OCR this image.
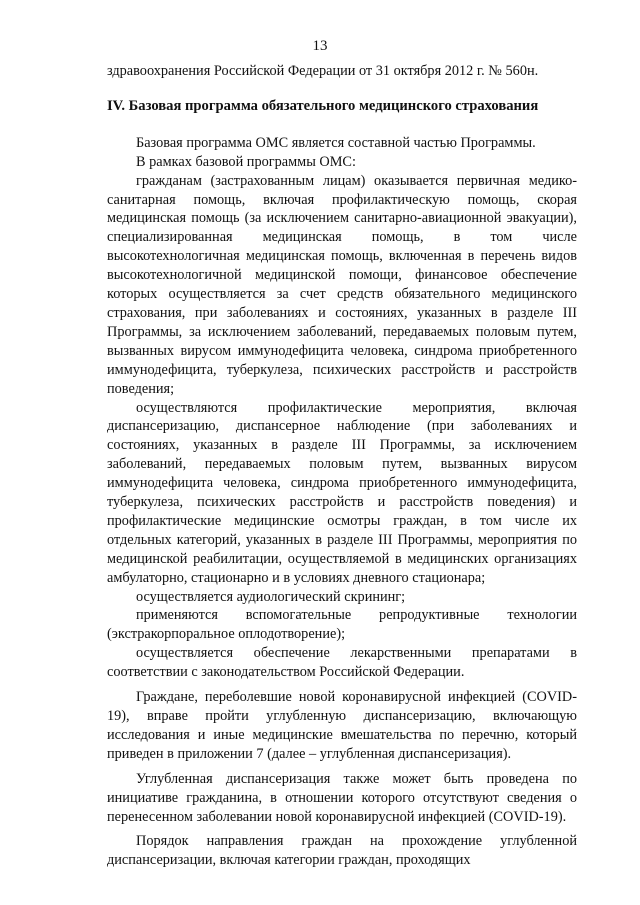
13
здравоохранения Российской Федерации от 31 октября 2012 г. № 560н.
IV. Базовая программа обязательного медицинского страхования

Базовая программа ОМС является составной частью Программы.

В рамках базовой программы ОМС:

гражданам (застрахованным лицам) оказывается первичная медико-санитарная помощь, включая профилактическую помощь, скорая медицинская помощь (за исключением санитарно-авиационной эвакуации), специализированная медицинская помощь, в том числе высокотехнологичная медицинская помощь, включенная в перечень видов высокотехнологичной медицинской помощи, финансовое обеспечение которых осуществляется за счет средств обязательного медицинского страхования, при заболеваниях и состояниях, указанных в разделе III Программы, за исключением заболеваний, передаваемых половым путем, вызванных вирусом иммунодефицита человека, синдрома приобретенного иммунодефицита, туберкулеза, психических расстройств и расстройств поведения;

осуществляются профилактические мероприятия, включая диспансеризацию, диспансерное наблюдение (при заболеваниях и состояниях, указанных в разделе III Программы, за исключением заболеваний, передаваемых половым путем, вызванных вирусом иммунодефицита человека, синдрома приобретенного иммунодефицита, туберкулеза, психических расстройств и расстройств поведения) и профилактические медицинские осмотры граждан, в том числе их отдельных категорий, указанных в разделе III Программы, мероприятия по медицинской реабилитации, осуществляемой в медицинских организациях амбулаторно, стационарно и в условиях дневного стационара;

осуществляется аудиологический скрининг;

применяются вспомогательные репродуктивные технологии (экстракорпоральное оплодотворение);

осуществляется обеспечение лекарственными препаратами в соответствии с законодательством Российской Федерации.

Граждане, переболевшие новой коронавирусной инфекцией (COVID-19), вправе пройти углубленную диспансеризацию, включающую исследования и иные медицинские вмешательства по перечню, который приведен в приложении 7 (далее – углубленная диспансеризация).

Углубленная диспансеризация также может быть проведена по инициативе гражданина, в отношении которого отсутствуют сведения о перенесенном заболевании новой коронавирусной инфекцией (COVID-19).

Порядок направления граждан на прохождение углубленной диспансеризации, включая категории граждан, проходящих
